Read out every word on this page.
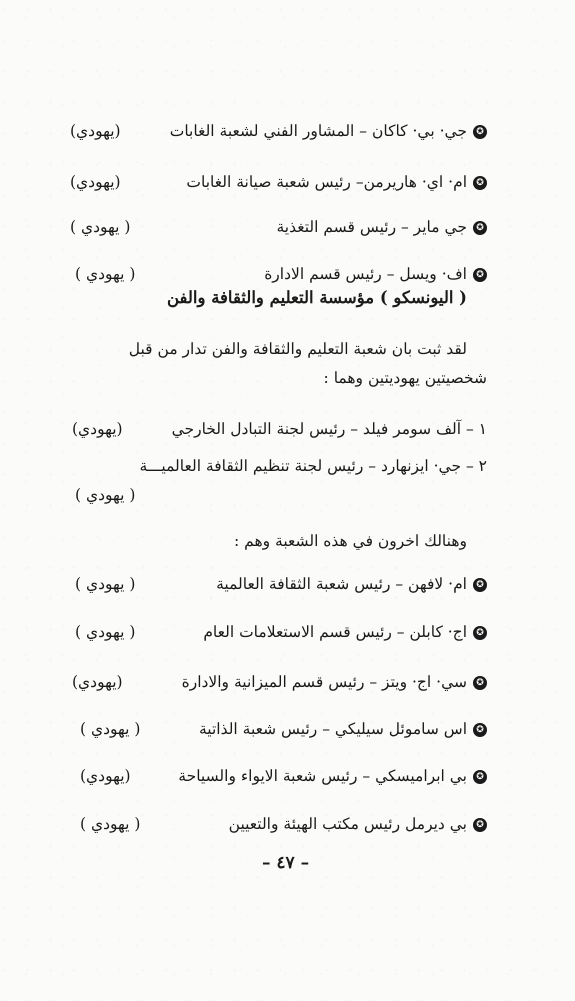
✪جي· بي· كاكان – المشاور الفني لشعبة الغابات
(يهودي)
✪ام· اي· هاريرمن– رئيس شعبة صيانة الغابات
(يهودي)
✪جي ماير – رئيس قسم التغذية
( يهودي )
✪اف· ويسل – رئيس قسم الادارة
( يهودي )
( اليونسكو ) مؤسسة التعليم والثقافة والفن
لقد ثبت بان شعبة التعليم والثقافة والفن تدار من قبل
شخصيتين يهوديتين وهما :
١ – آلف سومر فيلد – رئيس لجنة التبادل الخارجي
(يهودي)
٢ – جي· ايزنهارد – رئيس لجنة تنظيم الثقافة العالميـــة
( يهودي )
وهنالك اخرون في هذه الشعبة وهم :
✪ام· لافهن – رئيس شعبة الثقافة العالمية
( يهودي )
✪اج· كابلن – رئيس قسم الاستعلامات العام
( يهودي )
✪سي· اج· ويتز – رئيس قسم الميزانية والادارة
(يهودي)
✪اس ساموئل سيليكي – رئيس شعبة الذاتية
( يهودي )
✪بي ابراميسكي – رئيس شعبة الايواء والسياحة
(يهودي)
✪بي ديرمل رئيس مكتب الهيئة والتعيين
( يهودي )
– ٤٧ –
